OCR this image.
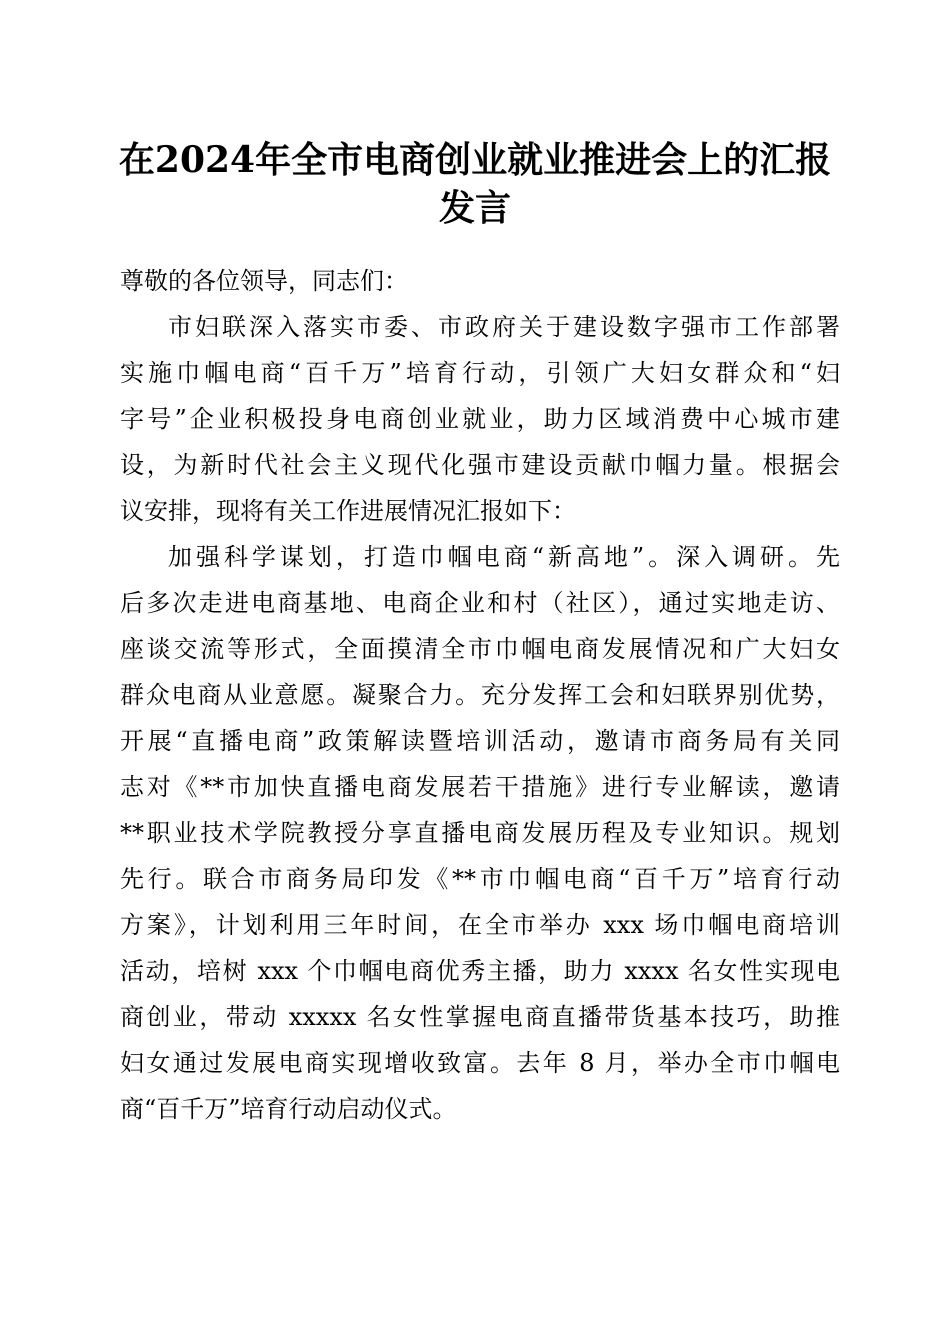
在2024年全市电商创业就业推进会上的汇报
发言
尊敬的各位领导，同志们：
市妇联深入落实市委、市政府关于建设数字强市工作部署
实施巾帼电商“百千万”培育行动，引领广大妇女群众和“妇
字号”企业积极投身电商创业就业，助力区域消费中心城市建
设，为新时代社会主义现代化强市建设贡献巾帼力量。根据会
议安排，现将有关工作进展情况汇报如下：
加强科学谋划，打造巾帼电商“新高地”。深入调研。先
后多次走进电商基地、电商企业和村（社区），通过实地走访、
座谈交流等形式，全面摸清全市巾帼电商发展情况和广大妇女
群众电商从业意愿。凝聚合力。充分发挥工会和妇联界别优势，
开展“直播电商”政策解读暨培训活动，邀请市商务局有关同
志对《**市加快直播电商发展若干措施》进行专业解读，邀请
**职业技术学院教授分享直播电商发展历程及专业知识。规划
先行。联合市商务局印发《**市巾帼电商“百千万”培育行动
方案》，计划利用三年时间，在全市举办 xxx 场巾帼电商培训
活动，培树 xxx 个巾帼电商优秀主播，助力 xxxx 名女性实现电
商创业，带动 xxxxx 名女性掌握电商直播带货基本技巧，助推
妇女通过发展电商实现增收致富。去年 8 月，举办全市巾帼电
商“百千万”培育行动启动仪式。
